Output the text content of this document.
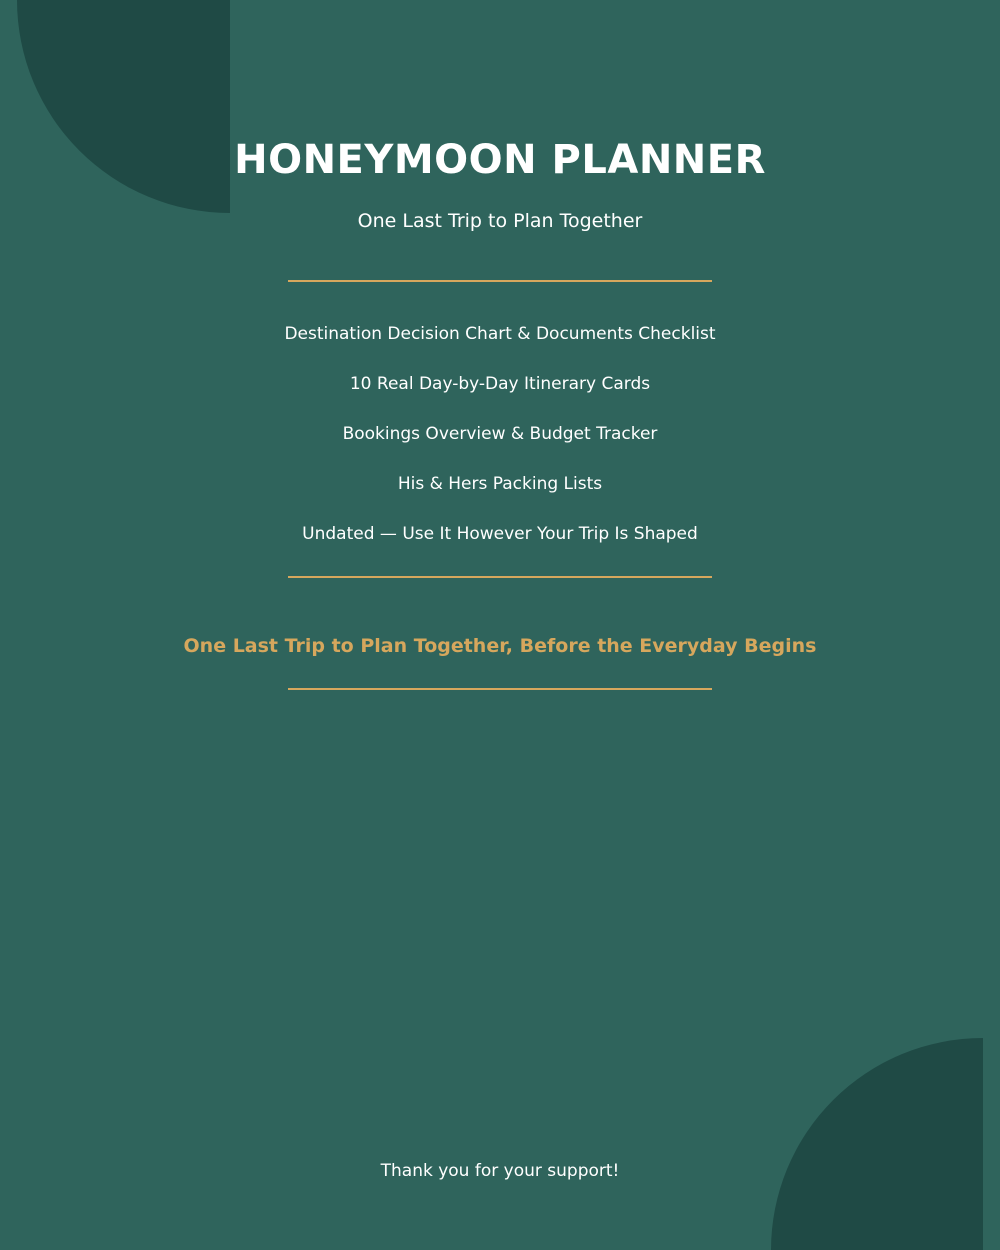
HONEYMOON PLANNER
One Last Trip to Plan Together
Destination Decision Chart & Documents Checklist
10 Real Day-by-Day Itinerary Cards
Bookings Overview & Budget Tracker
His & Hers Packing Lists
Undated — Use It However Your Trip Is Shaped
One Last Trip to Plan Together, Before the Everyday Begins
Thank you for your support!
